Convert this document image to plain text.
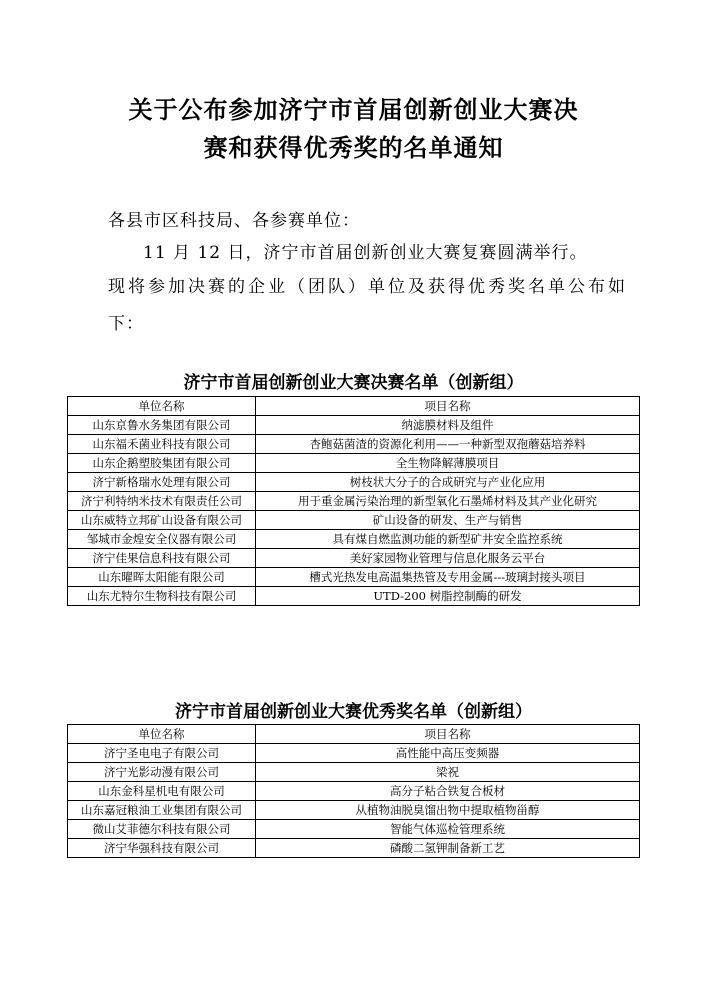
关于公布参加济宁市首届创新创业大赛决
赛和获得优秀奖的名单通知
各县市区科技局、各参赛单位：
11 月 12 日，济宁市首届创新创业大赛复赛圆满举行。
现将参加决赛的企业（团队）单位及获得优秀奖名单公布如
下：
济宁市首届创新创业大赛决赛名单（创新组）
单位名称	项目名称
山东京鲁水务集团有限公司	纳滤膜材料及组件
山东福禾菌业科技有限公司	杏鲍菇菌渣的资源化利用——一种新型双孢蘑菇培养料
山东企鹅塑胶集团有限公司	全生物降解薄膜项目
济宁新格瑞水处理有限公司	树枝状大分子的合成研究与产业化应用
济宁利特纳米技术有限责任公司	用于重金属污染治理的新型氧化石墨烯材料及其产业化研究
山东威特立邦矿山设备有限公司	矿山设备的研发、生产与销售
邹城市金煌安全仪器有限公司	具有煤自燃监测功能的新型矿井安全监控系统
济宁佳果信息科技有限公司	美好家园物业管理与信息化服务云平台
山东曜晖太阳能有限公司	槽式光热发电高温集热管及专用金属---玻璃封接头项目
山东尤特尔生物科技有限公司	UTD-200 树脂控制酶的研发
济宁市首届创新创业大赛优秀奖名单（创新组）
单位名称	项目名称
济宁圣电电子有限公司	高性能中高压变频器
济宁光影动漫有限公司	梁祝
山东金科星机电有限公司	高分子粘合铁复合板材
山东嘉冠粮油工业集团有限公司	从植物油脱臭馏出物中提取植物甾醇
微山艾菲德尔科技有限公司	智能气体巡检管理系统
济宁华强科技有限公司	磷酸二氢钾制备新工艺
